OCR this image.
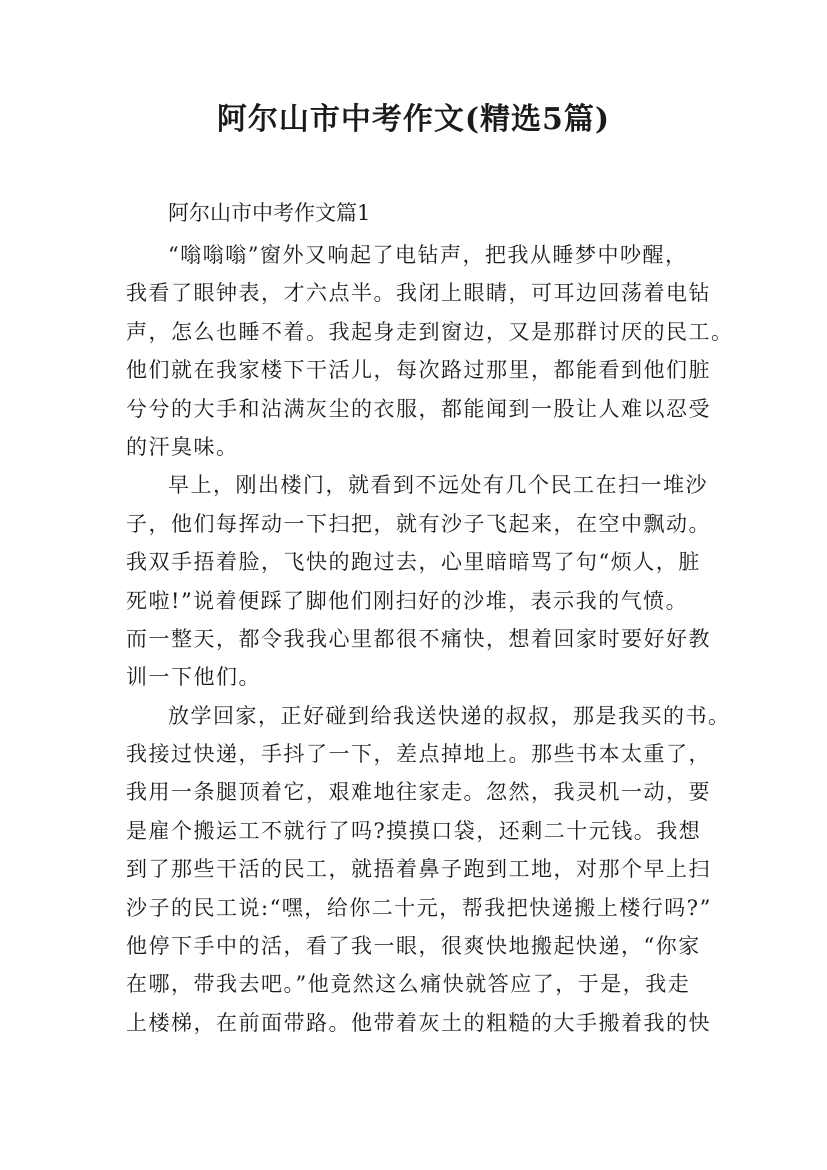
阿尔山市中考作文(精选5篇)

阿尔山市中考作文篇1

“嗡嗡嗡”窗外又响起了电钻声，把我从睡梦中吵醒，
我看了眼钟表，才六点半。我闭上眼睛，可耳边回荡着电钻
声，怎么也睡不着。我起身走到窗边，又是那群讨厌的民工。
他们就在我家楼下干活儿，每次路过那里，都能看到他们脏
兮兮的大手和沾满灰尘的衣服，都能闻到一股让人难以忍受
的汗臭味。
早上，刚出楼门，就看到不远处有几个民工在扫一堆沙
子，他们每挥动一下扫把，就有沙子飞起来，在空中飘动。
我双手捂着脸，飞快的跑过去，心里暗暗骂了句“烦人，脏
死啦!”说着便踩了脚他们刚扫好的沙堆，表示我的气愤。
而一整天，都令我我心里都很不痛快，想着回家时要好好教
训一下他们。
放学回家，正好碰到给我送快递的叔叔，那是我买的书。
我接过快递，手抖了一下，差点掉地上。那些书本太重了，
我用一条腿顶着它，艰难地往家走。忽然，我灵机一动，要
是雇个搬运工不就行了吗?摸摸口袋，还剩二十元钱。我想
到了那些干活的民工，就捂着鼻子跑到工地，对那个早上扫
沙子的民工说:“嘿，给你二十元，帮我把快递搬上楼行吗?”
他停下手中的活，看了我一眼，很爽快地搬起快递，“你家
在哪，带我去吧。”他竟然这么痛快就答应了，于是，我走
上楼梯，在前面带路。他带着灰土的粗糙的大手搬着我的快
